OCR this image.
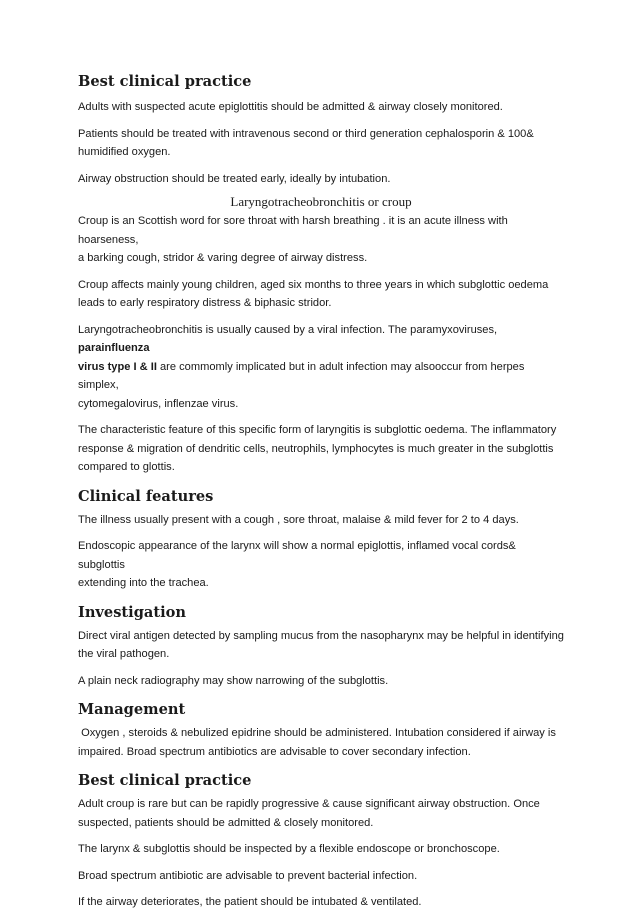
Best clinical practice

Adults with suspected acute epiglottitis should be admitted & airway closely monitored.

Patients should be treated with intravenous second or third generation cephalosporin & 100&
humidified oxygen.

Airway obstruction should be treated early, ideally by intubation.

Laryngotracheobronchitis or croup

Croup is an Scottish word for sore throat with harsh breathing . it is an acute illness with hoarseness,
a barking cough, stridor & varing degree of airway distress.

Croup affects mainly young children, aged six months to three years in which subglottic oedema
leads to early respiratory distress & biphasic stridor.

Laryngotracheobronchitis is usually caused by a viral infection. The paramyxoviruses, parainfluenza
virus type I & II are commomly implicated but in adult infection may alsooccur from herpes simplex,
cytomegalovirus, inflenzae virus.

The characteristic feature of this specific form of laryngitis is subglottic oedema. The inflammatory
response & migration of dendritic cells, neutrophils, lymphocytes is much greater in the subglottis
compared to glottis.

Clinical features

The illness usually present with a cough , sore throat, malaise & mild fever for 2 to 4 days.

Endoscopic appearance of the larynx will show a normal epiglottis, inflamed vocal cords& subglottis
extending into the trachea.

Investigation

Direct viral antigen detected by sampling mucus from the nasopharynx may be helpful in identifying
the viral pathogen.

A plain neck radiography may show narrowing of the subglottis.

Management

Oxygen , steroids & nebulized epidrine should be administered. Intubation considered if airway is
impaired. Broad spectrum antibiotics are advisable to cover secondary infection.

Best clinical practice

Adult croup is rare but can be rapidly progressive & cause significant airway obstruction. Once
suspected, patients should be admitted & closely monitored.

The larynx & subglottis should be inspected by a flexible endoscope or bronchoscope.

Broad spectrum antibiotic are advisable to prevent bacterial infection.

If the airway deteriorates, the patient should be intubated & ventilated.
